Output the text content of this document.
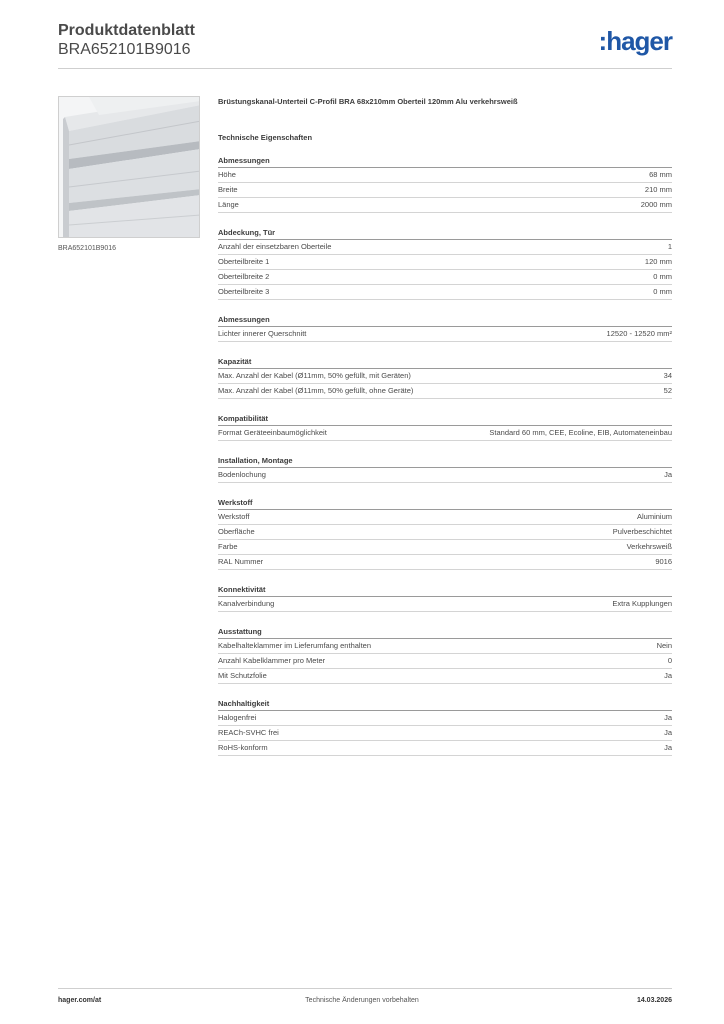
Produktdatenblatt
BRA652101B9016	:hager
BRA652101B9016
Brüstungskanal-Unterteil C-Profil BRA 68x210mm Oberteil 120mm Alu verkehrsweiß
Technische Eigenschaften
Abmessungen
Höhe	68 mm
Breite	210 mm
Länge	2000 mm
Abdeckung, Tür
Anzahl der einsetzbaren Oberteile	1
Oberteilbreite 1	120 mm
Oberteilbreite 2	0 mm
Oberteilbreite 3	0 mm
Abmessungen
Lichter innerer Querschnitt	12520 - 12520 mm²
Kapazität
Max. Anzahl der Kabel (Ø11mm, 50% gefüllt, mit Geräten)	34
Max. Anzahl der Kabel (Ø11mm, 50% gefüllt, ohne Geräte)	52
Kompatibilität
Format Geräteeinbaumöglichkeit	Standard 60 mm, CEE, Ecoline, EIB, Automateneinbau
Installation, Montage
Bodenlochung	Ja
Werkstoff
Werkstoff	Aluminium
Oberfläche	Pulverbeschichtet
Farbe	Verkehrsweiß
RAL Nummer	9016
Konnektivität
Kanalverbindung	Extra Kupplungen
Ausstattung
Kabelhalteklammer im Lieferumfang enthalten	Nein
Anzahl Kabelklammer pro Meter	0
Mit Schutzfolie	Ja
Nachhaltigkeit
Halogenfrei	Ja
REACh-SVHC frei	Ja
RoHS-konform	Ja
hager.com/at	Technische Änderungen vorbehalten	14.03.2026
